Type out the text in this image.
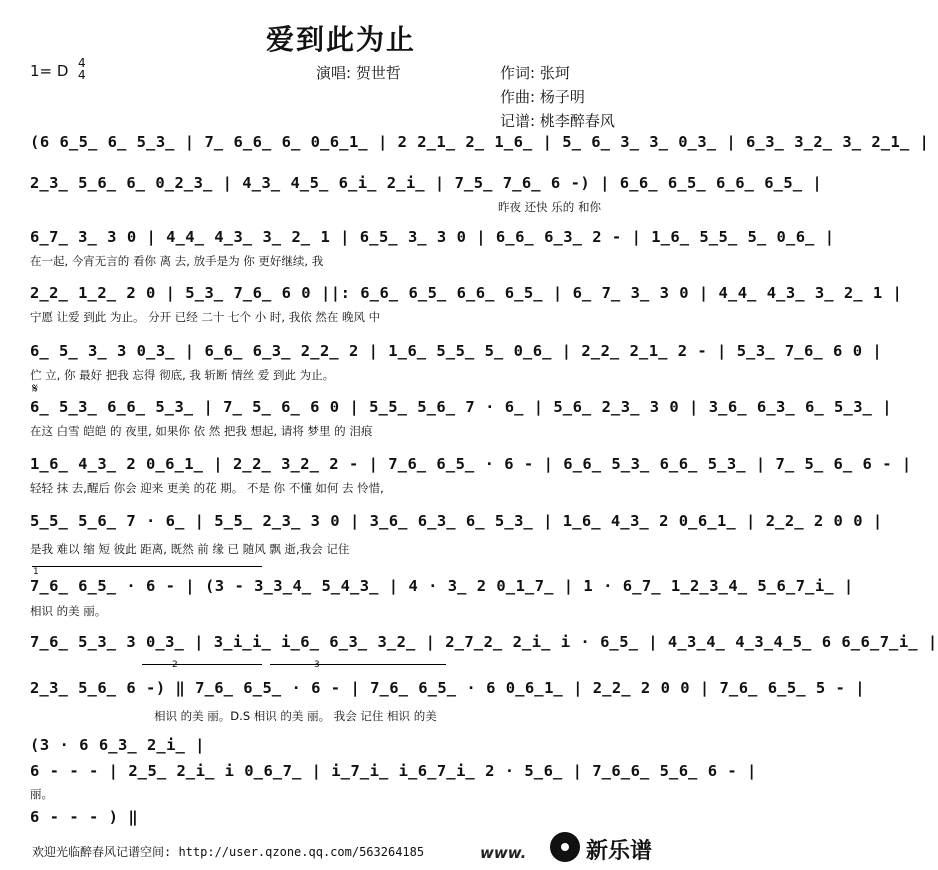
爱到此为止
1= D 4
4	演唱: 贺世哲	作词: 张珂
作曲: 杨子明
记谱: 桃李醉春风
(6 6̲5̲ 6̲ 5̲3̲ | 7̲ 6̲6̲ 6̲ 0̲6̲1̲ | 2 2̲1̲ 2̲ 1̲6̲ | 5̲ 6̲ 3̲ 3̲ 0̲3̲ | 6̲3̲ 3̲2̲ 3̲ 2̲1̲ |
2̲3̲ 5̲6̲ 6̲ 0̲2̲3̲ | 4̲3̲ 4̲5̲ 6̲i̲ 2̲i̲ | 7̲5̲ 7̲6̲ 6 -) | 6̲6̲ 6̲5̲ 6̲6̲ 6̲5̲ |
昨夜 还快 乐的 和你
6̲7̲ 3̲ 3 0 | 4̲4̲ 4̲3̲ 3̲ 2̲ 1 | 6̲5̲ 3̲ 3 0 | 6̲6̲ 6̲3̲ 2 - | 1̲6̲ 5̲5̲ 5̲ 0̲6̲ |
在一起, 今宵无言的 看你 离 去, 放手是为 你 更好继续, 我
2̲2̲ 1̲2̲ 2 0 | 5̲3̲ 7̲6̲ 6 0 ||: 6̲6̲ 6̲5̲ 6̲6̲ 6̲5̲ | 6̲ 7̲ 3̲ 3 0 | 4̲4̲ 4̲3̲ 3̲ 2̲ 1 |
宁愿 让爱 到此 为止。 分开 已经 二十 七个 小 时, 我依 然在 晚风 中
6̲ 5̲ 3̲ 3 0̲3̲ | 6̲6̲ 6̲3̲ 2̲2̲ 2 | 1̲6̲ 5̲5̲ 5̲ 0̲6̲ | 2̲2̲ 2̲1̲ 2 - | 5̲3̲ 7̲6̲ 6 0 |
伫 立, 你 最好 把我 忘得 彻底, 我 斩断 情丝 爱 到此 为止。
𝄋
6̲ 5̲3̲ 6̲6̲ 5̲3̲ | 7̲ 5̲ 6̲ 6 0 | 5̲5̲ 5̲6̲ 7 · 6̲ | 5̲6̲ 2̲3̲ 3 0 | 3̲6̲ 6̲3̲ 6̲ 5̲3̲ |
在这 白雪 皑皑 的 夜里, 如果你 依 然 把我 想起, 请将 梦里 的 泪痕
1̲6̲ 4̲3̲ 2 0̲6̲1̲ | 2̲2̲ 3̲2̲ 2 - | 7̲6̲ 6̲5̲ · 6 - | 6̲6̲ 5̲3̲ 6̲6̲ 5̲3̲ | 7̲ 5̲ 6̲ 6 - |
轻轻 抹 去,醒后 你会 迎来 更美 的花 期。 不是 你 不懂 如何 去 怜惜,
5̲5̲ 5̲6̲ 7 · 6̲ | 5̲5̲ 2̲3̲ 3 0 | 3̲6̲ 6̲3̲ 6̲ 5̲3̲ | 1̲6̲ 4̲3̲ 2 0̲6̲1̲ | 2̲2̲ 2 0 0 |
是我 难以 缩 短 彼此 距离, 既然 前 缘 已 随风 飘 逝,我会 记住
1
7̲6̲ 6̲5̲ · 6 - | (3 - 3̲3̲4̲ 5̲4̲3̲ | 4 · 3̲ 2 0̲1̲7̲ | 1 · 6̲7̲ 1̲2̲3̲4̲ 5̲6̲7̲i̲ |
相识 的美 丽。
7̲6̲ 5̲3̲ 3 0̲3̲ | 3̲i̲i̲ i̲6̲ 6̲3̲ 3̲2̲ | 2̲7̲2̲ 2̲i̲ i · 6̲5̲ | 4̲3̲4̲ 4̲3̲4̲5̲ 6 6̲6̲7̲i̲ |
2	3
2̲3̲ 5̲6̲ 6 -) ‖ 7̲6̲ 6̲5̲ · 6 - | 7̲6̲ 6̲5̲ · 6 0̲6̲1̲ | 2̲2̲ 2 0 0 | 7̲6̲ 6̲5̲ 5 - |
相识 的美 丽。D.S 相识 的美 丽。 我会 记住 相识 的美
(3 · 6 6̲3̲ 2̲i̲ |
6 - - - | 2̲5̲ 2̲i̲ i 0̲6̲7̲ | i̲7̲i̲ i̲6̲7̲i̲ 2 · 5̲6̲ | 7̲6̲6̲ 5̲6̲ 6 - |
丽。
6 - - - ) ‖
欢迎光临醉春风记谱空间: http://user.qzone.qq.com/563264185	www.	新乐谱
